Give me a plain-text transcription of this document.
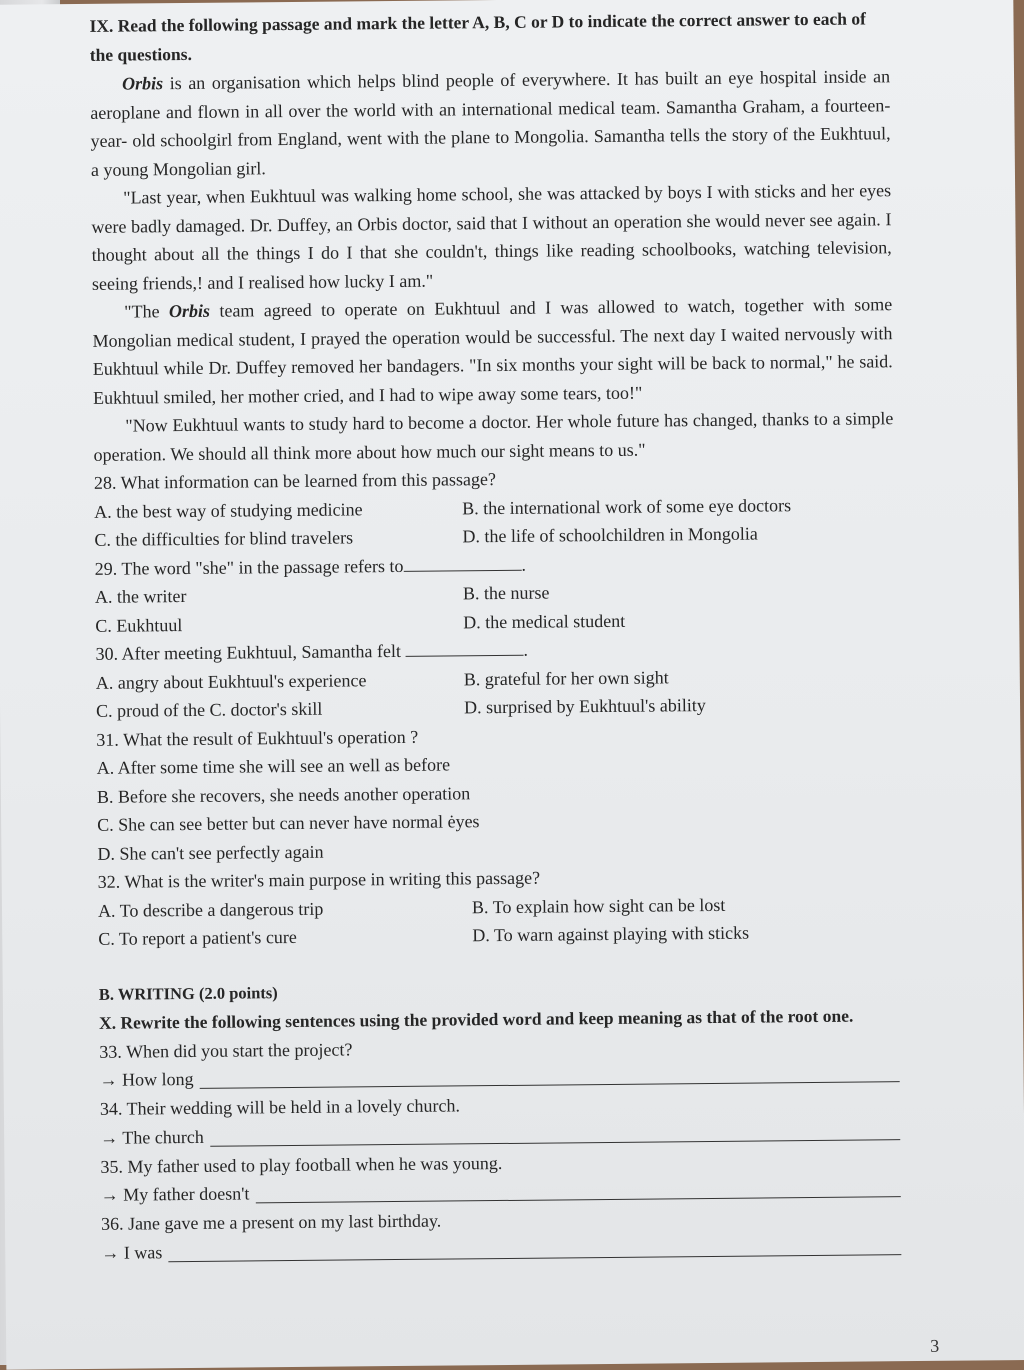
IX. Read the following passage and mark the letter A, B, C or D to indicate the correct answer to each of the questions.

Orbis is an organisation which helps blind people of everywhere. It has built an eye hospital inside an aeroplane and flown in all over the world with an international medical team. Samantha Graham, a fourteen- year- old schoolgirl from England, went with the plane to Mongolia. Samantha tells the story of the Eukhtuul, a young Mongolian girl.

"Last year, when Eukhtuul was walking home school, she was attacked by boys I with sticks and her eyes were badly damaged. Dr. Duffey, an Orbis doctor, said that I without an operation she would never see again. I thought about all the things I do I that she couldn't, things like reading schoolbooks, watching television, seeing friends,! and I realised how lucky I am."

"The Orbis team agreed to operate on Eukhtuul and I was allowed to watch, together with some Mongolian medical student, I prayed the operation would be successful. The next day I waited nervously with Eukhtuul while Dr. Duffey removed her bandagers. "In six months your sight will be back to normal," he said. Eukhtuul smiled, her mother cried, and I had to wipe away some tears, too!"

"Now Eukhtuul wants to study hard to become a doctor. Her whole future has changed, thanks to a simple operation. We should all think more about how much our sight means to us."

28. What information can be learned from this passage?

A. the best way of studying medicine	B. the international work of some eye doctors
C. the difficulties for blind travelers	D. the life of schoolchildren in Mongolia

29. The word "she" in the passage refers to	.

A. the writer	B. the nurse
C. Eukhtuul	D. the medical student

30. After meeting Eukhtuul, Samantha felt	.

A. angry about Eukhtuul's experience	B. grateful for her own sight
C. proud of the C. doctor's skill	D. surprised by Eukhtuul's ability

31. What the result of Eukhtuul's operation ?

A. After some time she will see an well as before
B. Before she recovers, she needs another operation
C. She can see better but can never have normal ėyes
D. She can't see perfectly again

32. What is the writer's main purpose in writing this passage?

A. To describe a dangerous trip	B. To explain how sight can be lost
C. To report a patient's cure	D. To warn against playing with sticks
B. WRITING (2.0 points)

X. Rewrite the following sentences using the provided word and keep meaning as that of the root one.

33. When did you start the project?

→ How long

34. Their wedding will be held in a lovely church.

→ The church

35. My father used to play football when he was young.

→ My father doesn't

36. Jane gave me a present on my last birthday.

→ I was
3
